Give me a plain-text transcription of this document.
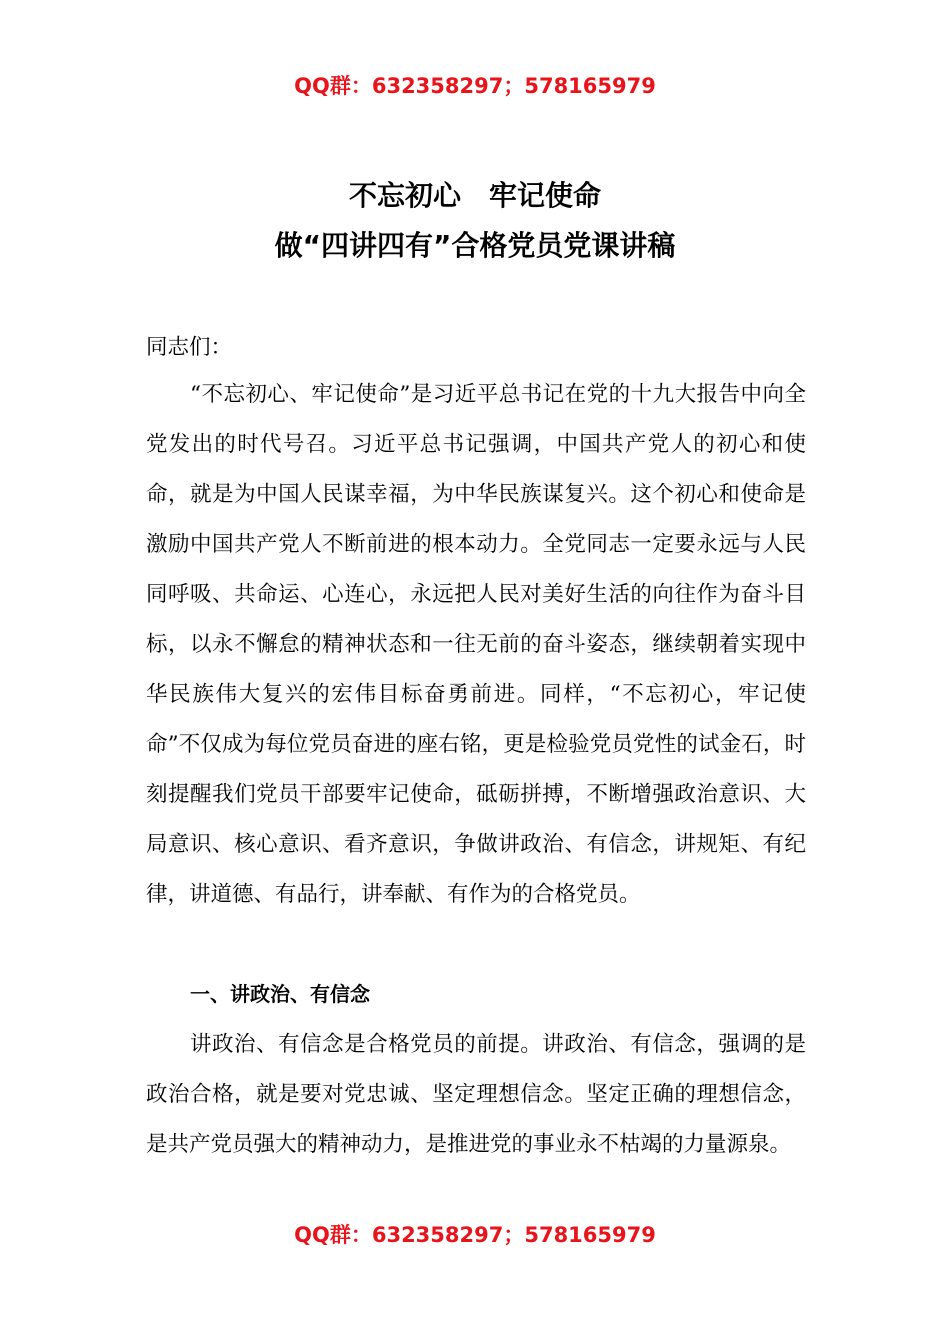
QQ群：632358297；578165979
不忘初心　牢记使命
做“四讲四有”合格党员党课讲稿
同志们：
“不忘初心、牢记使命”是习近平总书记在党的十九大报告中向全党发出的时代号召。习近平总书记强调，中国共产党人的初心和使命，就是为中国人民谋幸福，为中华民族谋复兴。这个初心和使命是激励中国共产党人不断前进的根本动力。全党同志一定要永远与人民同呼吸、共命运、心连心，永远把人民对美好生活的向往作为奋斗目标，以永不懈怠的精神状态和一往无前的奋斗姿态，继续朝着实现中华民族伟大复兴的宏伟目标奋勇前进。同样，“不忘初心，牢记使命”不仅成为每位党员奋进的座右铭，更是检验党员党性的试金石，时刻提醒我们党员干部要牢记使命，砥砺拼搏，不断增强政治意识、大局意识、核心意识、看齐意识，争做讲政治、有信念，讲规矩、有纪律，讲道德、有品行，讲奉献、有作为的合格党员。
一、讲政治、有信念
讲政治、有信念是合格党员的前提。讲政治、有信念，强调的是政治合格，就是要对党忠诚、坚定理想信念。坚定正确的理想信念，是共产党员强大的精神动力，是推进党的事业永不枯竭的力量源泉。
QQ群：632358297；578165979
